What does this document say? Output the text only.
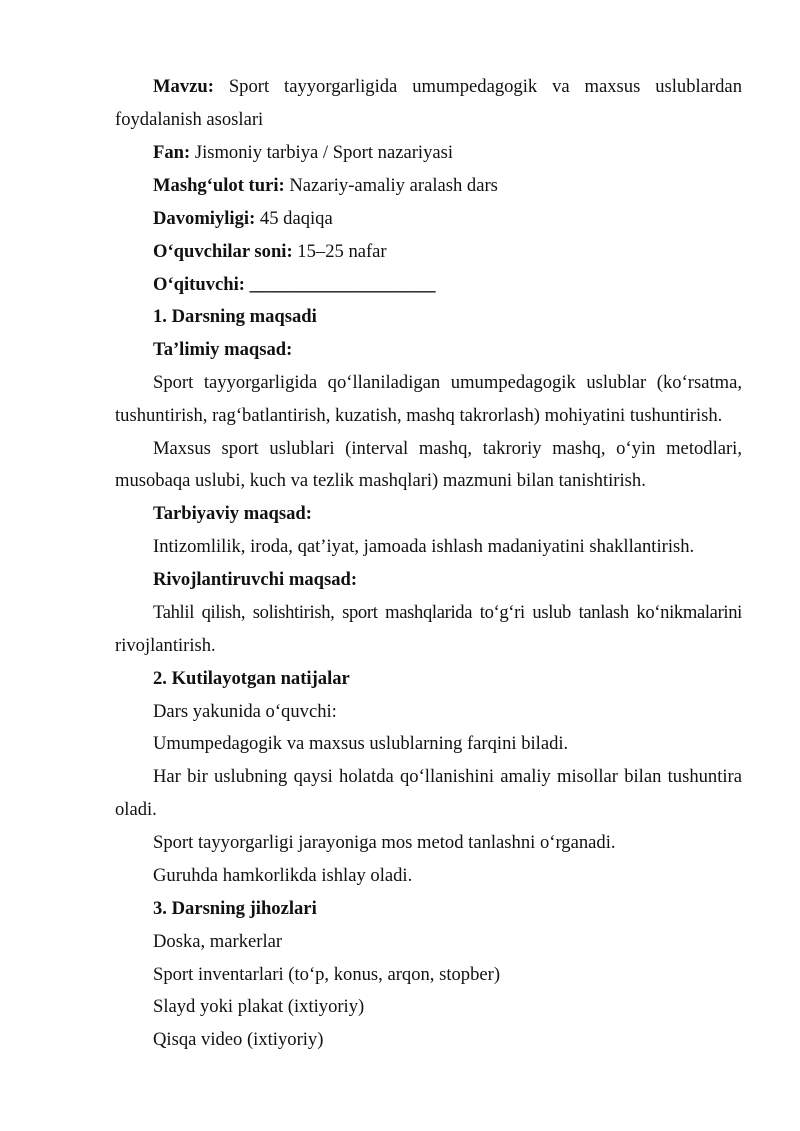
Mavzu: Sport tayyorgarligida umumpedagogik va maxsus uslublardan
foydalanish asoslari
Fan: Jismoniy tarbiya / Sport nazariyasi
Mashg‘ulot turi: Nazariy-amaliy aralash dars
Davomiyligi: 45 daqiqa
O‘quvchilar soni: 15–25 nafar
O‘qituvchi: ____________________
1. Darsning maqsadi
Ta’limiy maqsad:
Sport tayyorgarligida qo‘llaniladigan umumpedagogik uslublar (ko‘rsatma,
tushuntirish, rag‘batlantirish, kuzatish, mashq takrorlash) mohiyatini tushuntirish.
Maxsus sport uslublari (interval mashq, takroriy mashq, o‘yin metodlari,
musobaqa uslubi, kuch va tezlik mashqlari) mazmuni bilan tanishtirish.
Tarbiyaviy maqsad:
Intizomlilik, iroda, qat’iyat, jamoada ishlash madaniyatini shakllantirish.
Rivojlantiruvchi maqsad:
Tahlil qilish, solishtirish, sport mashqlarida to‘g‘ri uslub tanlash ko‘nikmalarini
rivojlantirish.
2. Kutilayotgan natijalar
Dars yakunida o‘quvchi:
Umumpedagogik va maxsus uslublarning farqini biladi.
Har bir uslubning qaysi holatda qo‘llanishini amaliy misollar bilan tushuntira
oladi.
Sport tayyorgarligi jarayoniga mos metod tanlashni o‘rganadi.
Guruhda hamkorlikda ishlay oladi.
3. Darsning jihozlari
Doska, markerlar
Sport inventarlari (to‘p, konus, arqon, stopber)
Slayd yoki plakat (ixtiyoriy)
Qisqa video (ixtiyoriy)
